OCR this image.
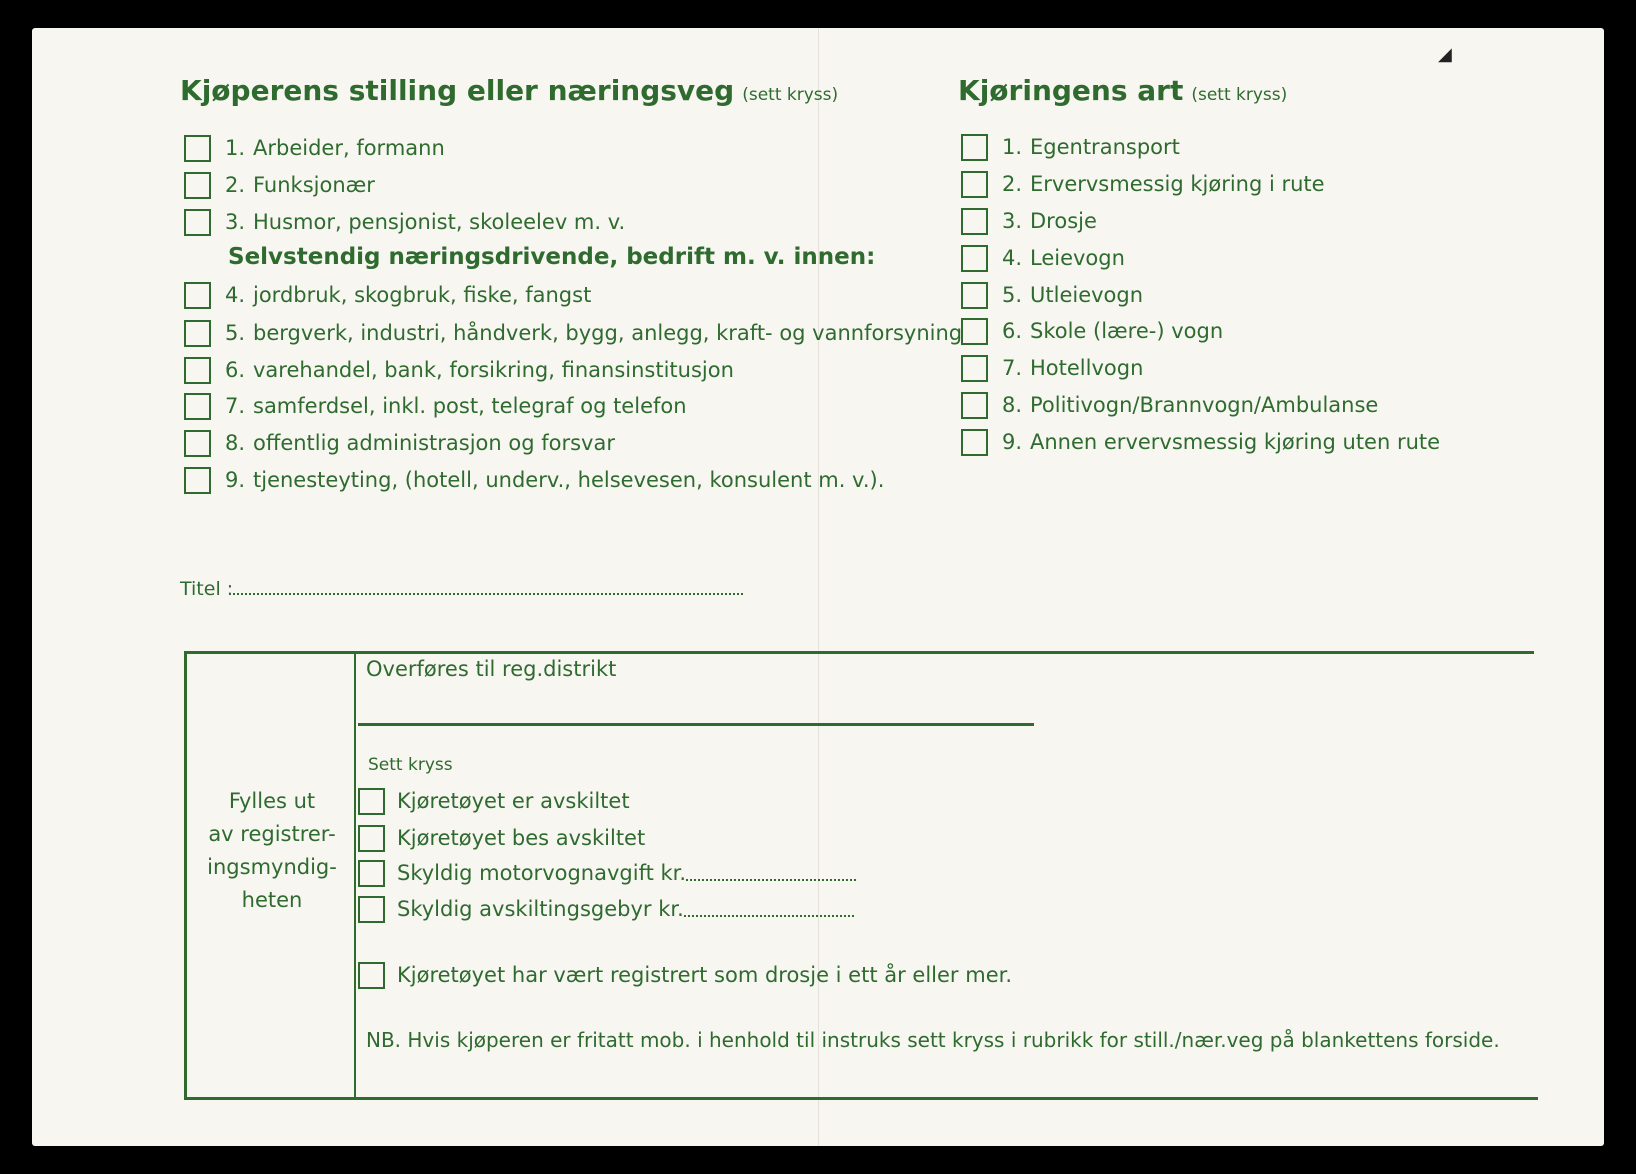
Kjøperens stilling eller næringsveg (sett kryss)	Kjøringens art (sett kryss)
1. Arbeider, formann
2. Funksjonær
3. Husmor, pensjonist, skoleelev m. v.
Selvstendig næringsdrivende, bedrift m. v. innen:
4. jordbruk, skogbruk, fiske, fangst
5. bergverk, industri, håndverk, bygg, anlegg, kraft- og vannforsyning
6. varehandel, bank, forsikring, finansinstitusjon
7. samferdsel, inkl. post, telegraf og telefon
8. offentlig administrasjon og forsvar
9. tjenesteyting, (hotell, underv., helsevesen, konsulent m. v.).
1. Egentransport
2. Ervervsmessig kjøring i rute
3. Drosje
4. Leievogn
5. Utleievogn
6. Skole (lære-) vogn
7. Hotellvogn
8. Politivogn/Brannvogn/Ambulanse
9. Annen ervervsmessig kjøring uten rute
Titel :
Fylles ut
av registrer-
ingsmyndig-
heten
Overføres til reg.distrikt
Sett kryss
Kjøretøyet er avskiltet
Kjøretøyet bes avskiltet
Skyldig motorvognavgift kr.
Skyldig avskiltingsgebyr kr.
Kjøretøyet har vært registrert som drosje i ett år eller mer.
NB. Hvis kjøperen er fritatt mob. i henhold til instruks sett kryss i rubrikk for still./nær.veg på blankettens forside.
◢
